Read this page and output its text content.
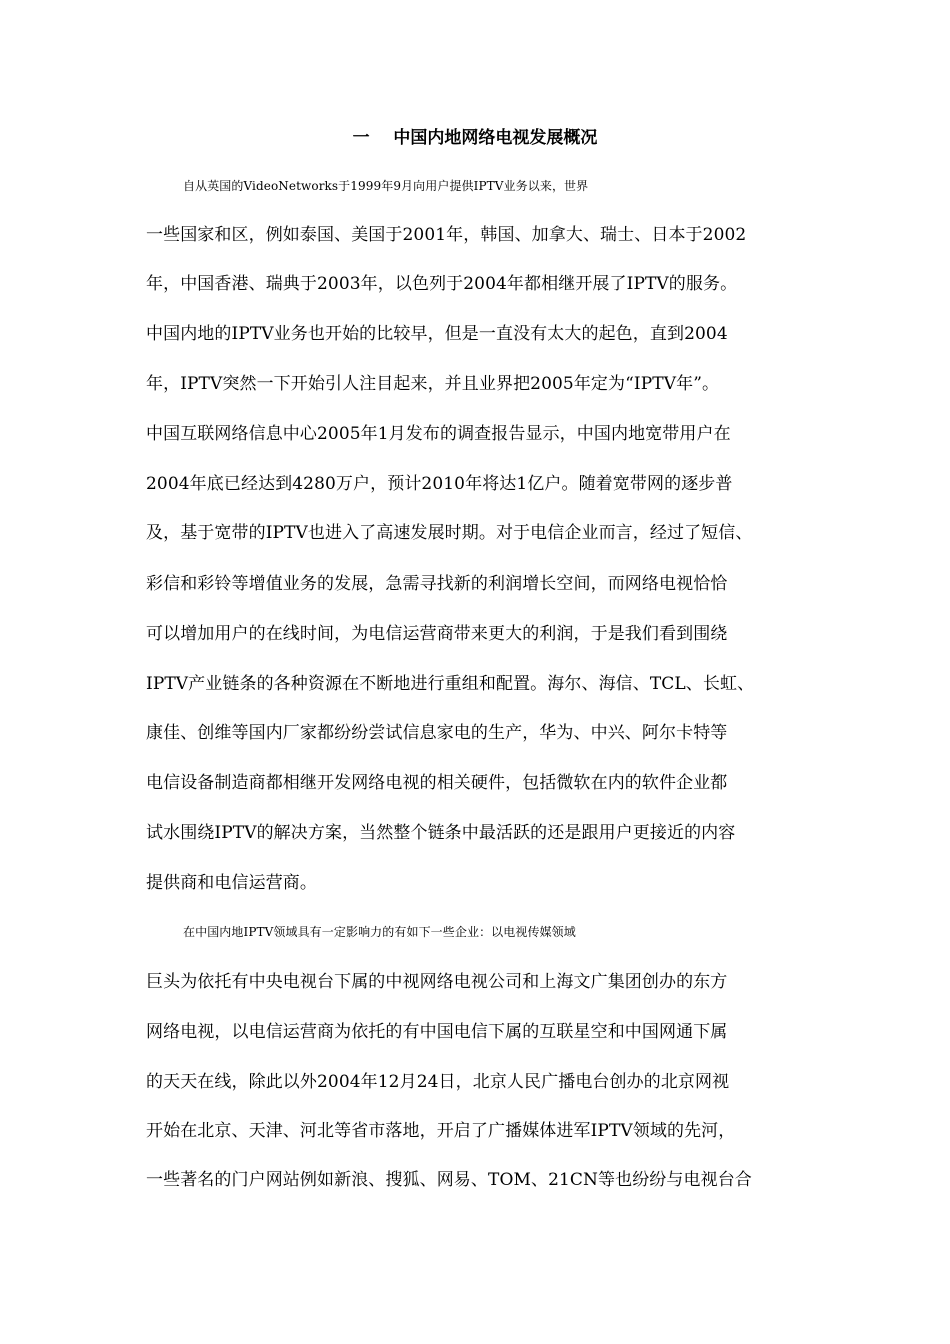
一    中国内地网络电视发展概况
自从英国的VideoNetworks于1999年9月向用户提供IPTV业务以来，世界
一些国家和区，例如泰国、美国于2001年，韩国、加拿大、瑞士、日本于2002
年，中国香港、瑞典于2003年，以色列于2004年都相继开展了IPTV的服务。
中国内地的IPTV业务也开始的比较早，但是一直没有太大的起色，直到2004
年，IPTV突然一下开始引人注目起来，并且业界把2005年定为“IPTV年”。
中国互联网络信息中心2005年1月发布的调查报告显示，中国内地宽带用户在
2004年底已经达到4280万户，预计2010年将达1亿户。随着宽带网的逐步普
及，基于宽带的IPTV也进入了高速发展时期。对于电信企业而言，经过了短信、
彩信和彩铃等增值业务的发展，急需寻找新的利润增长空间，而网络电视恰恰
可以增加用户的在线时间，为电信运营商带来更大的利润，于是我们看到围绕
IPTV产业链条的各种资源在不断地进行重组和配置。海尔、海信、TCL、长虹、
康佳、创维等国内厂家都纷纷尝试信息家电的生产，华为、中兴、阿尔卡特等
电信设备制造商都相继开发网络电视的相关硬件，包括微软在内的软件企业都
试水围绕IPTV的解决方案，当然整个链条中最活跃的还是跟用户更接近的内容
提供商和电信运营商。
在中国内地IPTV领域具有一定影响力的有如下一些企业：以电视传媒领域
巨头为依托有中央电视台下属的中视网络电视公司和上海文广集团创办的东方
网络电视，以电信运营商为依托的有中国电信下属的互联星空和中国网通下属
的天天在线，除此以外2004年12月24日，北京人民广播电台创办的北京网视
开始在北京、天津、河北等省市落地，开启了广播媒体进军IPTV领域的先河，
一些著名的门户网站例如新浪、搜狐、网易、TOM、21CN等也纷纷与电视台合
